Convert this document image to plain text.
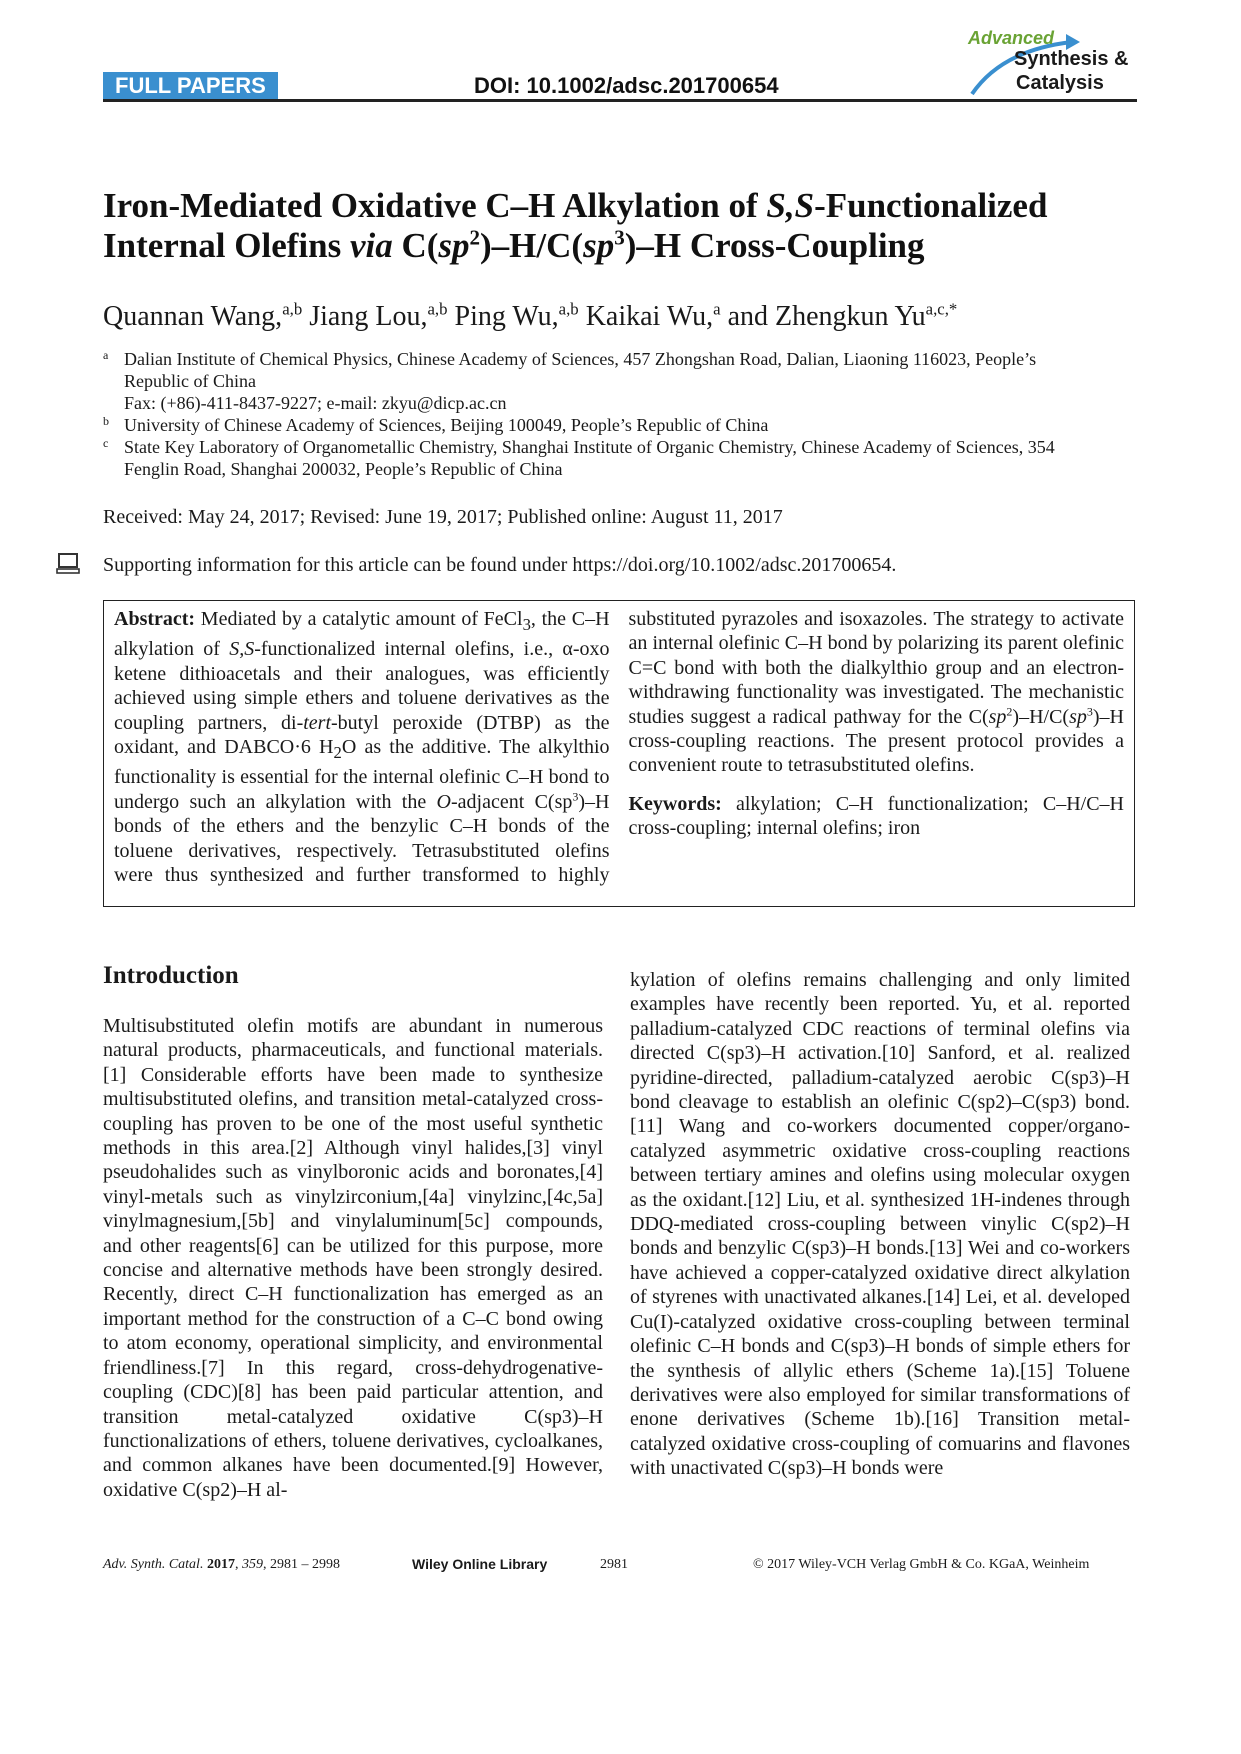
FULL PAPERS	DOI: 10.1002/adsc.201700654
Advanced
Synthesis &
Catalysis
Iron-Mediated Oxidative C–H Alkylation of S,S-Functionalized
Internal Olefins via $C(sp^2)-H/C(sp^3)-H$ Cross-Coupling
Quannan Wang,$^{a,b}$ Jiang Lou,$^{a,b}$ Ping Wu,$^{a,b}$ Kaikai Wu,$^a$ and Zhengkun $Yu^{a,c,*}$
a Dalian Institute of Chemical Physics, Chinese Academy of Sciences, 457 Zhongshan Road, Dalian, Liaoning 116023, People’s Republic of China
Fax: (+86)-411-8437-9227; e-mail: zkyu@dicp.ac.cn
b University of Chinese Academy of Sciences, Beijing 100049, People’s Republic of China
c State Key Laboratory of Organometallic Chemistry, Shanghai Institute of Organic Chemistry, Chinese Academy of Sciences, 354 Fenglin Road, Shanghai 200032, People’s Republic of China
Received: May 24, 2017; Revised: June 19, 2017; Published online: August 11, 2017
Supporting information for this article can be found under https://doi.org/10.1002/adsc.201700654.
Abstract: Mediated by a catalytic amount of FeCl$_3$, the C–H alkylation of S,S-functionalized internal olefins, i.e., α-oxo ketene dithioacetals and their analogues, was efficiently achieved using simple ethers and toluene derivatives as the coupling partners, di-tert-butyl peroxide (DTBP) as the oxidant, and DABCO·6 $H_2O$ as the additive. The alkylthio functionality is essential for the internal olefinic C–H bond to undergo such an alkylation with the O-adjacent $C(sp^3)-H$ bonds of the ethers and the benzylic C–H bonds of the toluene derivatives, respectively. Tetrasubstituted olefins were thus synthesized and further transformed to highly substituted pyrazoles and isoxazoles. The strategy to activate an internal olefinic C–H bond by polarizing its parent olefinic C=C bond with both the dialkylthio group and an electron-withdrawing functionality was investigated. The mechanistic studies suggest a radical pathway for the $C(sp^2)-H/C(sp^3)-H$ cross-coupling reactions. The present protocol provides a convenient route to tetrasubstituted olefins.
Keywords: alkylation; C–H functionalization; C–H/C–H cross-coupling; internal olefins; iron
Introduction
Multisubstituted olefin motifs are abundant in numerous natural products, pharmaceuticals, and functional materials.[1] Considerable efforts have been made to synthesize multisubstituted olefins, and transition metal-catalyzed cross-coupling has proven to be one of the most useful synthetic methods in this area.[2] Although vinyl halides,[3] vinyl pseudohalides such as vinylboronic acids and boronates,[4] vinyl-metals such as vinylzirconium,[4a] vinylzinc,[4c,5a] vinylmagnesium,[5b] and vinylaluminum[5c] compounds, and other reagents[6] can be utilized for this purpose, more concise and alternative methods have been strongly desired. Recently, direct C–H functionalization has emerged as an important method for the construction of a C–C bond owing to atom economy, operational simplicity, and environmental friendliness.[7] In this regard, cross-dehydrogenative-coupling (CDC)[8] has been paid particular attention, and transition metal-catalyzed oxidative C(sp3)–H functionalizations of ethers, toluene derivatives, cycloalkanes, and common alkanes have been documented.[9] However, oxidative C(sp2)–H al-
kylation of olefins remains challenging and only limited examples have recently been reported. Yu, et al. reported palladium-catalyzed CDC reactions of terminal olefins via directed C(sp3)–H activation.[10] Sanford, et al. realized pyridine-directed, palladium-catalyzed aerobic C(sp3)–H bond cleavage to establish an olefinic C(sp2)–C(sp3) bond.[11] Wang and co-workers documented copper/organo-catalyzed asymmetric oxidative cross-coupling reactions between tertiary amines and olefins using molecular oxygen as the oxidant.[12] Liu, et al. synthesized 1H-indenes through DDQ-mediated cross-coupling between vinylic C(sp2)–H bonds and benzylic C(sp3)–H bonds.[13] Wei and co-workers have achieved a copper-catalyzed oxidative direct alkylation of styrenes with unactivated alkanes.[14] Lei, et al. developed Cu(I)-catalyzed oxidative cross-coupling between terminal olefinic C–H bonds and C(sp3)–H bonds of simple ethers for the synthesis of allylic ethers (Scheme 1a).[15] Toluene derivatives were also employed for similar transformations of enone derivatives (Scheme 1b).[16] Transition metal-catalyzed oxidative cross-coupling of comuarins and flavones with unactivated C(sp3)–H bonds were
Adv. Synth. Catal. 2017, 359, 2981 – 2998	Wiley Online Library	2981	© 2017 Wiley-VCH Verlag GmbH & Co. KGaA, Weinheim
